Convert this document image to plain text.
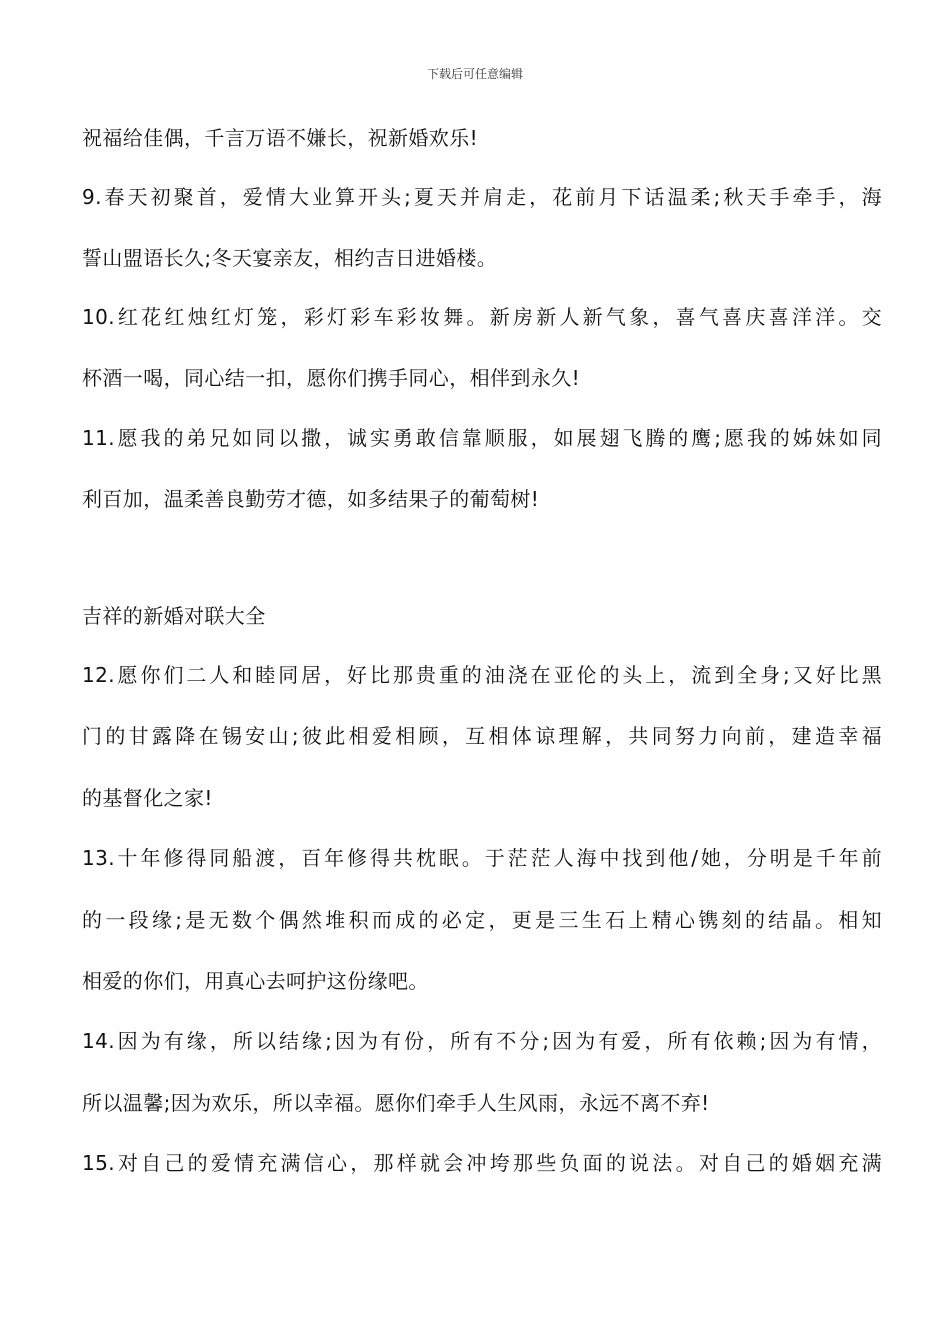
下载后可任意编辑
祝福给佳偶，千言万语不嫌长，祝新婚欢乐!
9.春天初聚首，爱情大业算开头;夏天并肩走，花前月下话温柔;秋天手牵手，海
誓山盟语长久;冬天宴亲友，相约吉日进婚楼。
10.红花红烛红灯笼，彩灯彩车彩妆舞。新房新人新气象，喜气喜庆喜洋洋。交
杯酒一喝，同心结一扣，愿你们携手同心，相伴到永久!
11.愿我的弟兄如同以撒，诚实勇敢信靠顺服，如展翅飞腾的鹰;愿我的姊妹如同
利百加，温柔善良勤劳才德，如多结果子的葡萄树!
吉祥的新婚对联大全
12.愿你们二人和睦同居，好比那贵重的油浇在亚伦的头上，流到全身;又好比黑
门的甘露降在锡安山;彼此相爱相顾，互相体谅理解，共同努力向前，建造幸福
的基督化之家!
13.十年修得同船渡，百年修得共枕眠。于茫茫人海中找到他/她，分明是千年前
的一段缘;是无数个偶然堆积而成的必定，更是三生石上精心镌刻的结晶。相知
相爱的你们，用真心去呵护这份缘吧。
14.因为有缘，所以结缘;因为有份，所有不分;因为有爱，所有依赖;因为有情，
所以温馨;因为欢乐，所以幸福。愿你们牵手人生风雨，永远不离不弃!
15.对自己的爱情充满信心，那样就会冲垮那些负面的说法。对自己的婚姻充满
